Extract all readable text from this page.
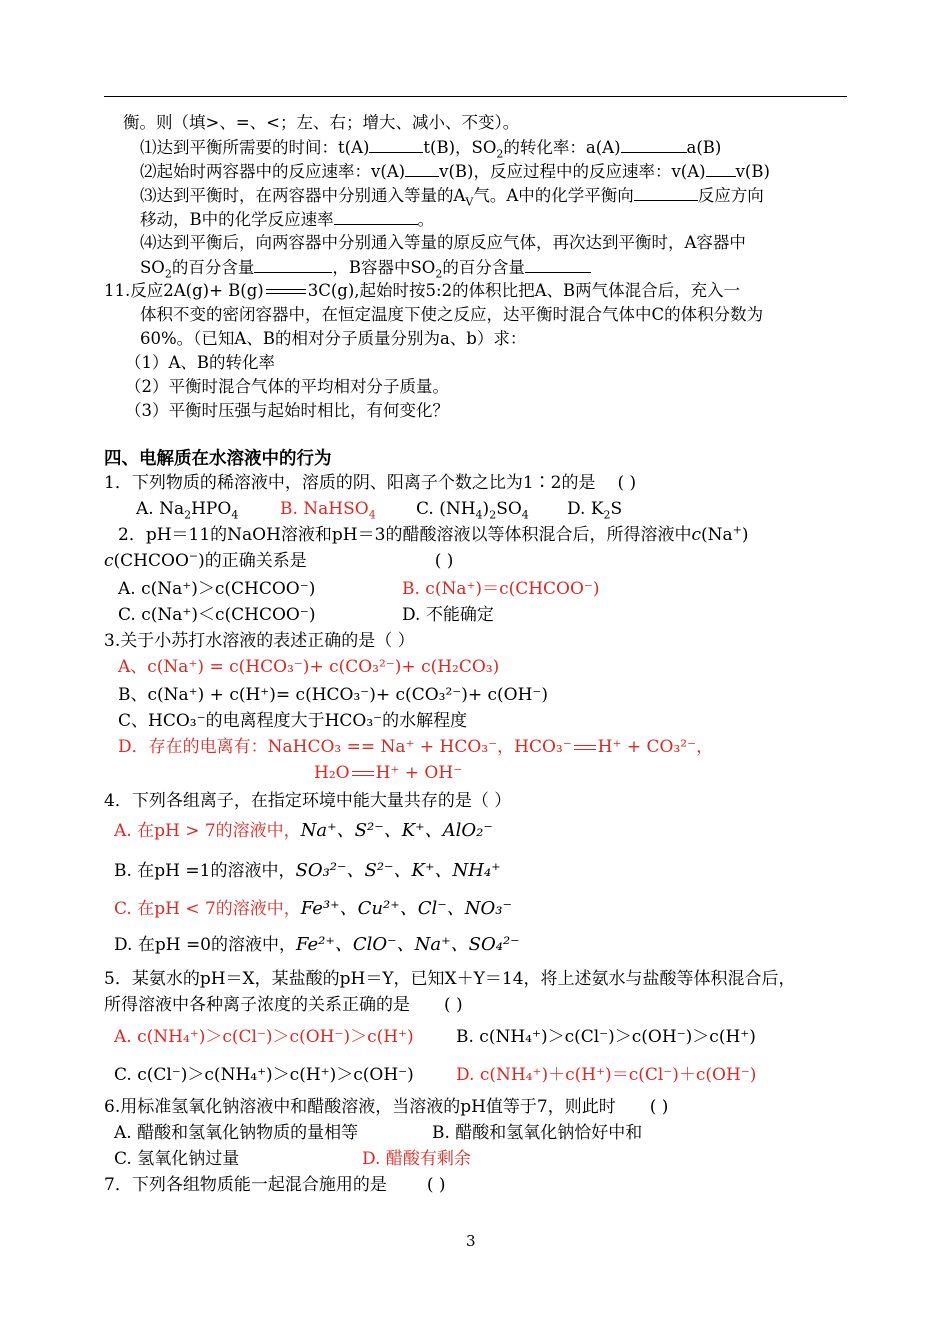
衡。则（填>、=、<；左、右；增大、减小、不变）。
⑴达到平衡所需要的时间：t(A)	t(B)，$SO_2$的转化率：a(A)	a(B)
⑵起始时两容器中的反应速率：v(A) v(B)，反应过程中的反应速率：v(A) v(B)
⑶达到平衡时，在两容器中分别通入等量的$A_V$气。A中的化学平衡向	反应方向
移动，B中的化学反应速率	。
⑷达到平衡后，向两容器中分别通入等量的原反应气体，再次达到平衡时，A容器中
$SO_2$的百分含量	，B容器中$SO_2$的百分含量
11.反应2A(g)+ B(g)	3C(g),起始时按5:2的体积比把A、B两气体混合后，充入一
体积不变的密闭容器中，在恒定温度下使之反应，达平衡时混合气体中C的体积分数为
60%。（已知A、B的相对分子质量分别为a、b）求：
（1）A、B的转化率
（2）平衡时混合气体的平均相对分子质量。
（3）平衡时压强与起始时相比，有何变化？
四、电解质在水溶液中的行为
1．下列物质的稀溶液中，溶质的阴、阳离子个数之比为1∶2的是 ( )
A. $Na_2HPO_4$ B. NaHSO$_4$ C. $(NH_4)_2SO_4$ D. $K_2S$
2．pH＝11的NaOH溶液和pH＝3的醋酸溶液以等体积混合后，所得溶液中c(Na+)
c(CHCOO−)的正确关系是	( )
A. c(Na⁺)＞c(CHCOO⁻)	B. c(Na⁺)＝c(CHCOO⁻)
C. c(Na⁺)＜c(CHCOO⁻)	D. 不能确定
3.关于小苏打水溶液的表述正确的是（ ）
A、c(Na⁺) = c(HCO₃⁻)+ c(CO₃²⁻)+ c(H₂CO₃)
B、c(Na⁺) + c(H⁺)= c(HCO₃⁻)+ c(CO₃²⁻)+ c(OH⁻)
C、HCO₃⁻的电离程度大于HCO₃⁻的水解程度
D．存在的电离有：NaHCO₃ == Na⁺ + HCO₃⁻，HCO₃⁻ H⁺ + CO₃²⁻，
H₂O H⁺ + OH⁻
4．下列各组离子，在指定环境中能大量共存的是（ ）
A. 在pH > 7的溶液中，Na⁺、S²⁻、K⁺、AlO₂⁻
B. 在pH =1的溶液中，SO₃²⁻、S²⁻、K⁺、NH₄⁺
C. 在pH < 7的溶液中，Fe³⁺、Cu²⁺、Cl⁻、NO₃⁻
D. 在pH =0的溶液中，Fe²⁺、ClO⁻、Na⁺、SO₄²⁻
5．某氨水的pH＝X，某盐酸的pH＝Y，已知X＋Y＝14，将上述氨水与盐酸等体积混合后，
所得溶液中各种离子浓度的关系正确的是 ( )
A. c(NH₄⁺)＞c(Cl⁻)＞c(OH⁻)＞c(H⁺) B. c(NH₄⁺)＞c(Cl⁻)＞c(OH⁻)＞c(H⁺)
C. c(Cl⁻)＞c(NH₄⁺)＞c(H⁺)＞c(OH⁻) D. c(NH₄⁺)＋c(H⁺)＝c(Cl⁻)＋c(OH⁻)
6.用标准氢氧化钠溶液中和醋酸溶液，当溶液的pH值等于7，则此时 ( )
A. 醋酸和氢氧化钠物质的量相等	B. 醋酸和氢氧化钠恰好中和
C. 氢氧化钠过量	D. 醋酸有剩余
7．下列各组物质能一起混合施用的是 ( )
3
